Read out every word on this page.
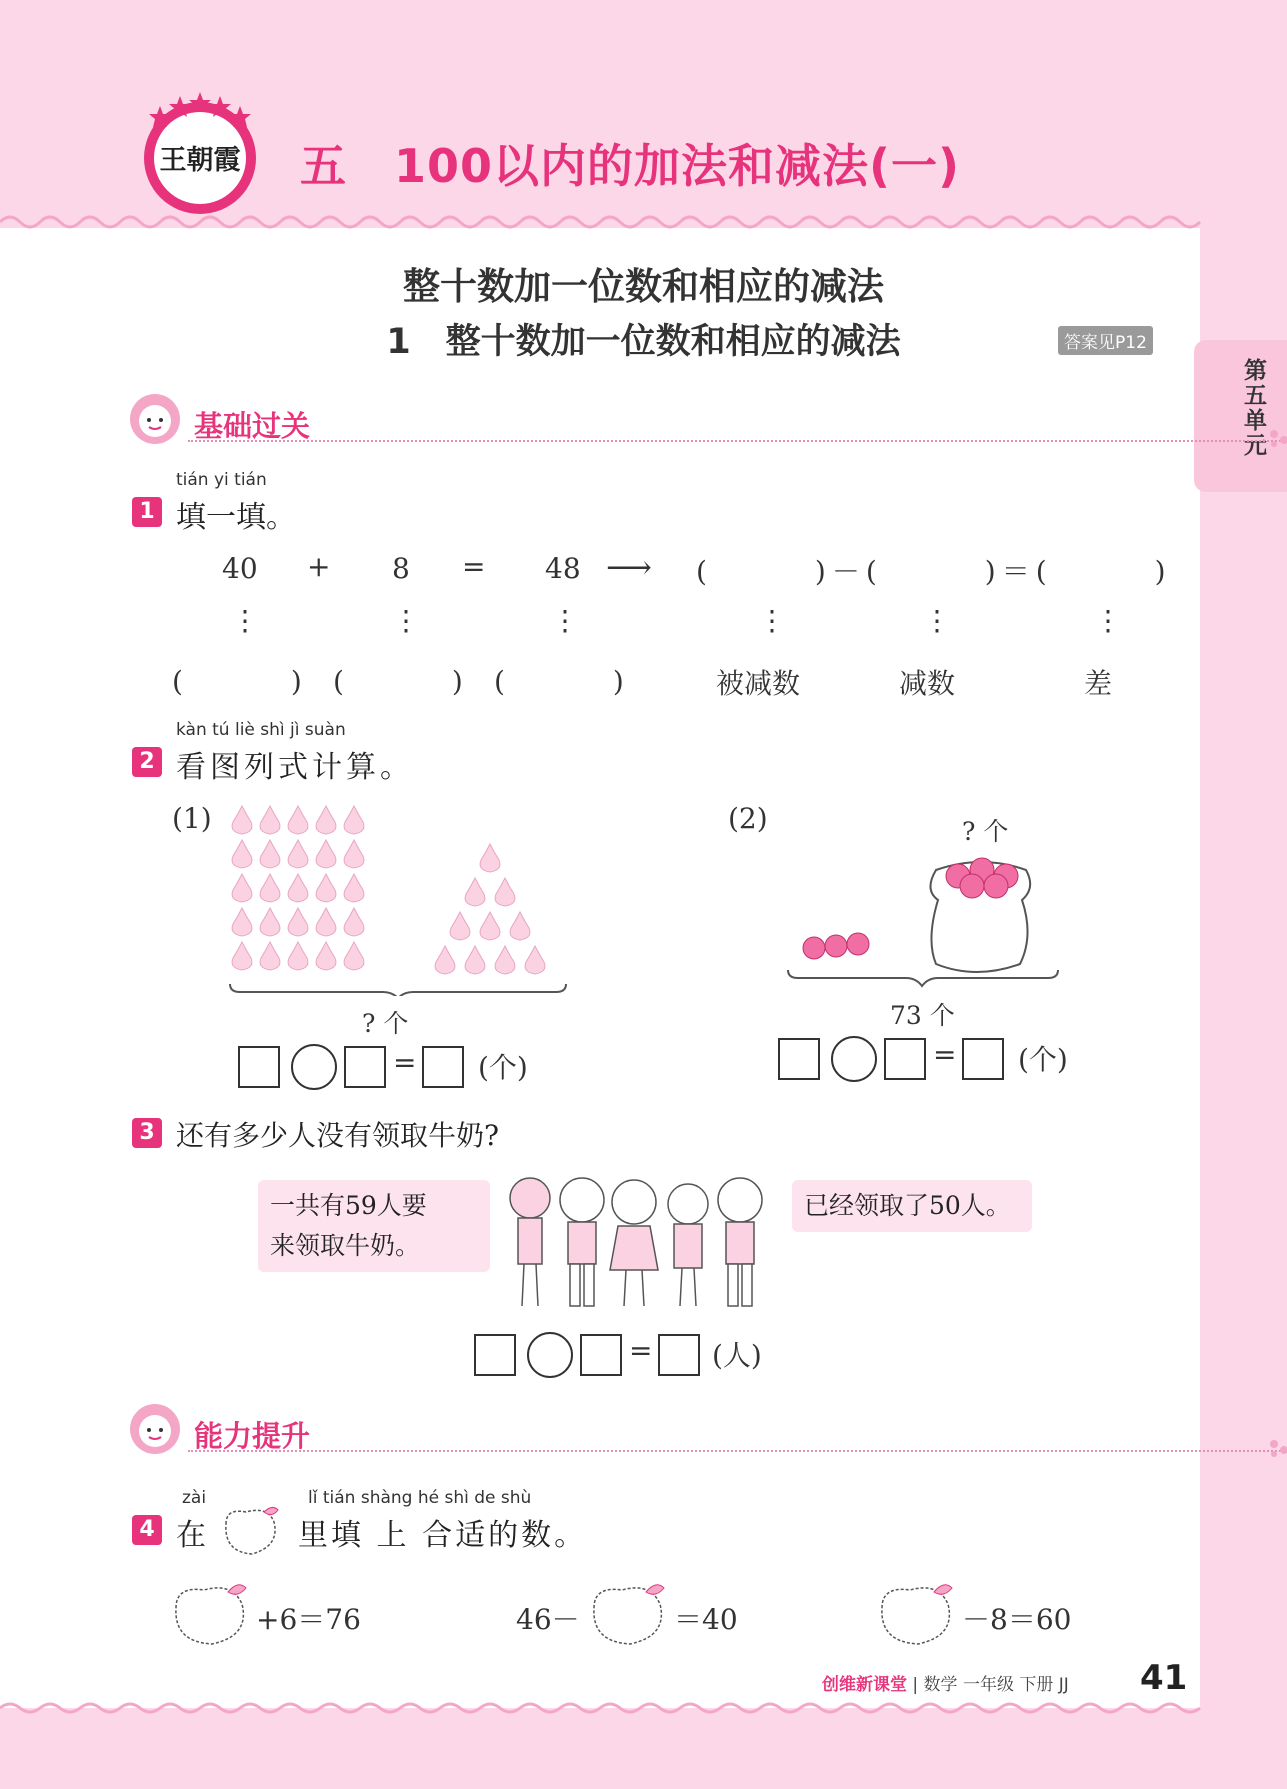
王朝霞 五　100以内的加法和减法(一)
整十数加一位数和相应的减法
1　整十数加一位数和相应的减法	答案见P12
第五单元
基础过关
tián yi tián
1 填一填。
40 + 8 = 48 ⟶ (　　　)－(　　　)＝(　　　)
⋮	⋮	⋮	⋮	⋮	⋮
(　　　) (　　　) (　　　)	被减数	减数	差
kàn tú liè shì jì suàn
2 看图列式计算。
(1)
? 个
= (个)
(2)	? 个
73 个
= (个)
3 还有多少人没有领取牛奶?
一共有59人要
来领取牛奶。
已经领取了50人。
= (人)
能力提升
zài	lǐ tián shàng hé shì de shù
4 在	里填 上 合适的数。
+6＝76	46－	＝40	－8＝60
创维新课堂 | 数学 一年级 下册 JJ 41
